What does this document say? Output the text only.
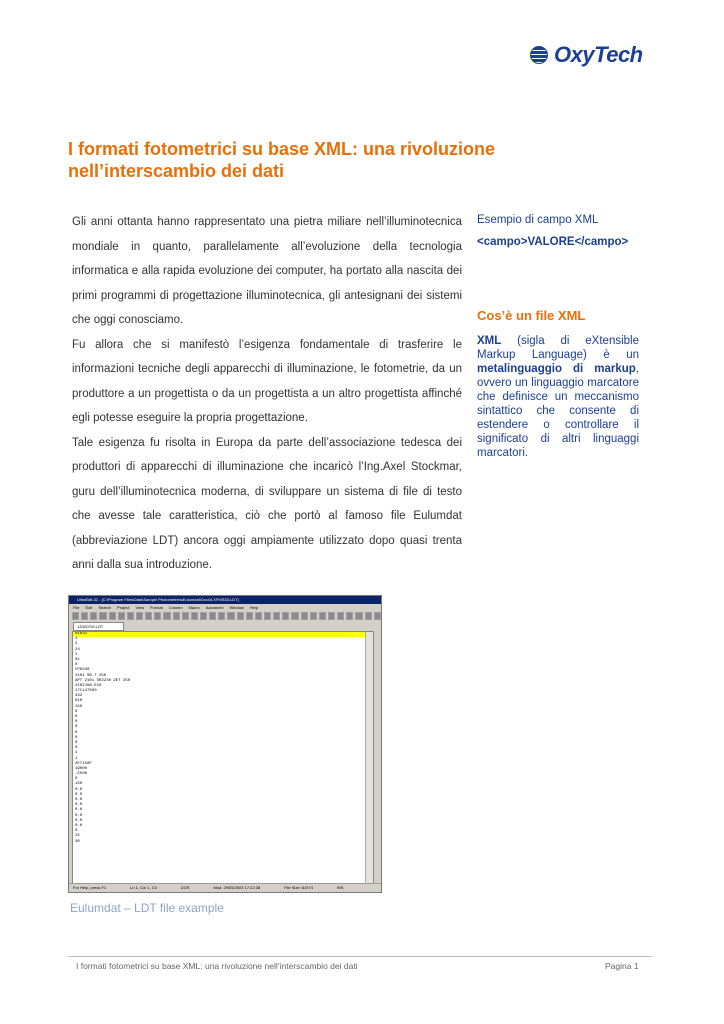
OxyTech
I formati fotometrici su base XML: una rivoluzione nell’interscambio dei dati

Gli anni ottanta hanno rappresentato una pietra miliare nell’illuminotecnica mondiale in quanto, parallelamente all’evoluzione della tecnologia informatica e alla rapida evoluzione dei computer, ha portato alla nascita dei primi programmi di progettazione illuminotecnica, gli antesignani dei sistemi che oggi conosciamo.

Fu allora che si manifestò l’esigenza fondamentale di trasferire le informazioni tecniche degli apparecchi di illuminazione, le fotometrie, da un produttore a un progettista o da un progettista a un altro progettista affinché egli potesse eseguire la propria progettazione.

Tale esigenza fu risolta in Europa da parte dell’associazione tedesca dei produttori di apparecchi di illuminazione che incaricò l’Ing.Axel Stockmar, guru dell’illuminotecnica moderna, di sviluppare un sistema di file di testo che avesse tale caratteristica, ciò che portò al famoso file Eulumdat (abbreviazione LDT) ancora oggi ampiamente utilizzato dopo quasi trenta anni dalla sua introduzione.

Esempio di campo XML
<campo>VALORE</campo>
Cos’è un file XML
XML (sigla di eXtensible Markup Language) è un metalinguaggio di markup, ovvero un linguaggio marcatore che definisce un meccanismo sintattico che consente di estendere o controllare il significato di altri linguaggi marcatori.
UltraEdit-32 - [C:\Program Files\Data\Sample Photometries\Eulumdat\Dcc44.XFMS33.LDT]
File Edit Search Project View Format Column Macro Advanced Window Help
1332DTM.LDT
01032
1
2
24
1
01
0
CP0240
2101 SR-T 250
APT 2101 SR2230 2ET 250
2102J98.E10
17C147500
432
610
150
0
0
0
0
0
0
0
0
1
1
2ET150F
19000
-5500
0
150
0.0
0.0
0.0
0.0
0.0
0.0
0.0
0.0
0
15
30
For Help, press F1	Ln 1, Col 1, C0	DOS	Mod: 29/05/2003 17:22:38	File Size: 81974	INS
Eulumdat – LDT file example
I formati fotometrici su base XML: una rivoluzione nell’interscambio dei dati	Pagina 1
